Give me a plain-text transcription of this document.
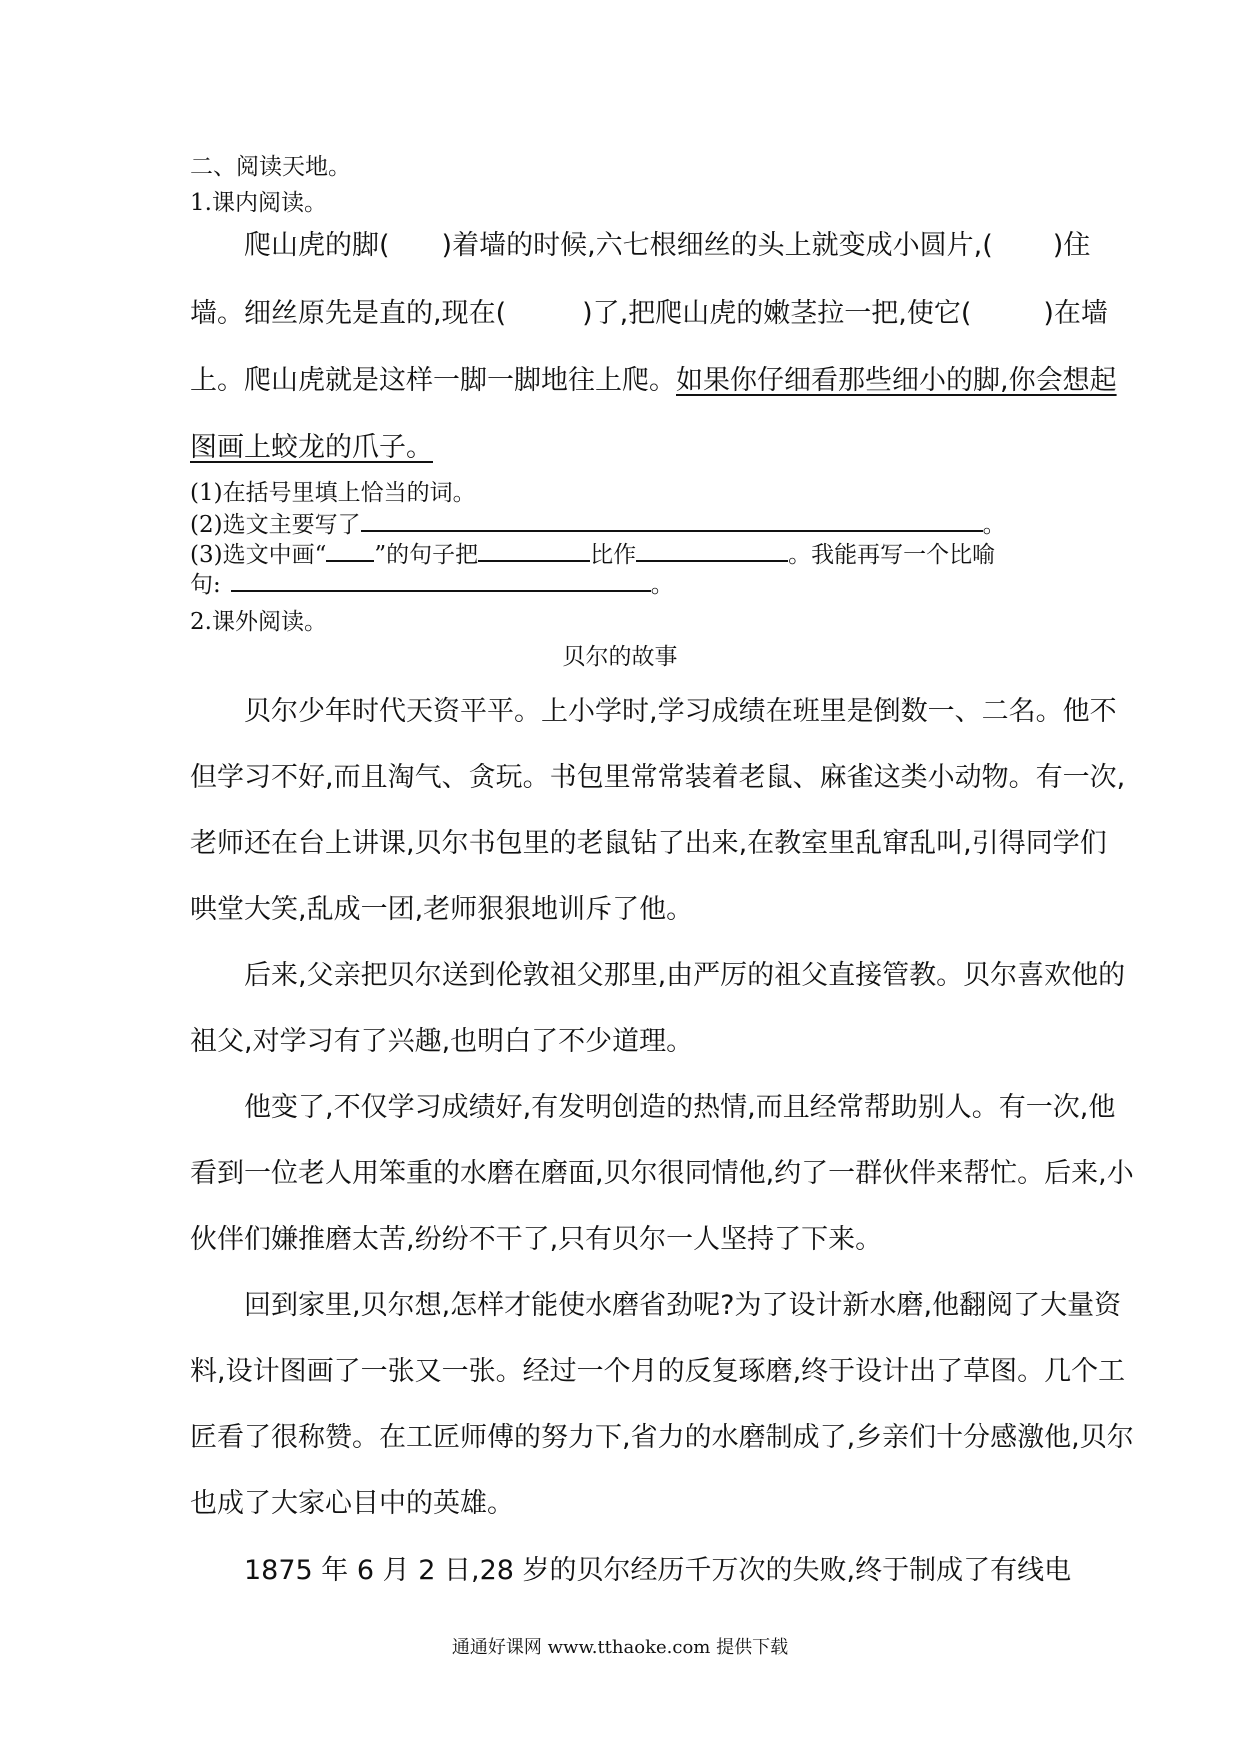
二、阅读天地。
1.课内阅读。
爬山虎的脚( )着墙的时候,六七根细丝的头上就变成小圆片,(	)住
墙。细丝原先是直的,现在(	)了,把爬山虎的嫩茎拉一把,使它(	)在墙
上。爬山虎就是这样一脚一脚地往上爬。如果你仔细看那些细小的脚,你会想起
图画上蛟龙的爪子。
(1)在括号里填上恰当的词。
(2)选文主要写了	。
(3)选文中画“ ”的句子把	比作	。我能再写一个比喻
句:	。
2.课外阅读。
贝尔的故事
贝尔少年时代天资平平。上小学时,学习成绩在班里是倒数一、二名。他不
但学习不好,而且淘气、贪玩。书包里常常装着老鼠、麻雀这类小动物。有一次,
老师还在台上讲课,贝尔书包里的老鼠钻了出来,在教室里乱窜乱叫,引得同学们
哄堂大笑,乱成一团,老师狠狠地训斥了他。
后来,父亲把贝尔送到伦敦祖父那里,由严厉的祖父直接管教。贝尔喜欢他的
祖父,对学习有了兴趣,也明白了不少道理。
他变了,不仅学习成绩好,有发明创造的热情,而且经常帮助别人。有一次,他
看到一位老人用笨重的水磨在磨面,贝尔很同情他,约了一群伙伴来帮忙。后来,小
伙伴们嫌推磨太苦,纷纷不干了,只有贝尔一人坚持了下来。
回到家里,贝尔想,怎样才能使水磨省劲呢?为了设计新水磨,他翻阅了大量资
料,设计图画了一张又一张。经过一个月的反复琢磨,终于设计出了草图。几个工
匠看了很称赞。在工匠师傅的努力下,省力的水磨制成了,乡亲们十分感激他,贝尔
也成了大家心目中的英雄。
1875 年 6 月 2 日,28 岁的贝尔经历千万次的失败,终于制成了有线电
通通好课网 www.tthaoke.com 提供下载
